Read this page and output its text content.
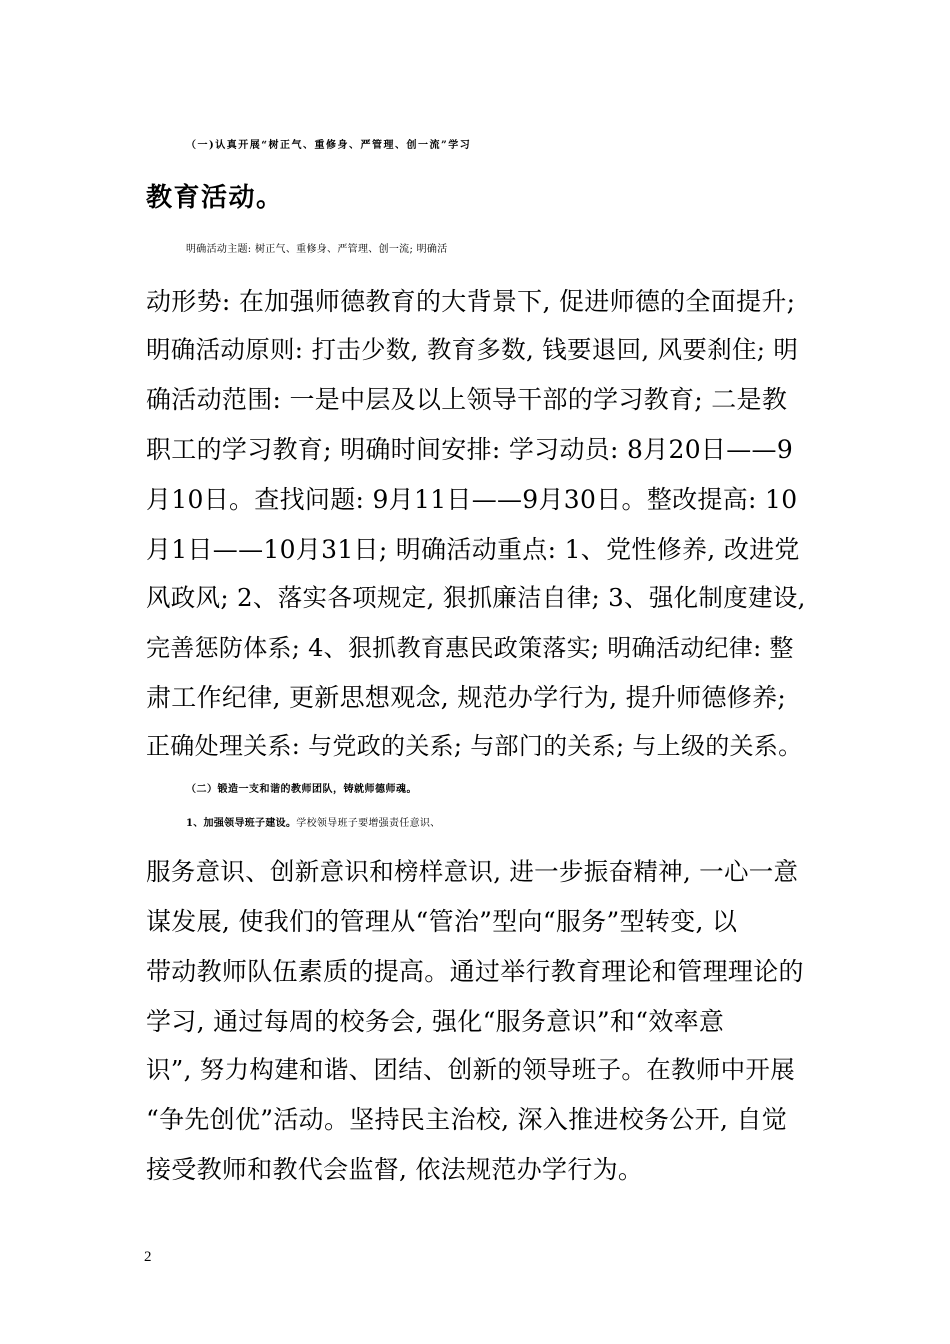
（一)认真开展“树正气、重修身、严管理、创一流”学习
教育活动。
明确活动主题: 树正气、重修身、严管理、创一流; 明确活
动形势: 在加强师德教育的大背景下, 促进师德的全面提升;
明确活动原则: 打击少数, 教育多数, 钱要退回, 风要刹住; 明
确活动范围: 一是中层及以上领导干部的学习教育; 二是教
职工的学习教育; 明确时间安排: 学习动员: 8月20日——9
月10日。查找问题: 9月11日——9月30日。整改提高: 10
月1日——10月31日; 明确活动重点: 1、党性修养, 改进党
风政风; 2、落实各项规定, 狠抓廉洁自律; 3、强化制度建设,
完善惩防体系; 4、狠抓教育惠民政策落实; 明确活动纪律: 整
肃工作纪律, 更新思想观念, 规范办学行为, 提升师德修养;
正确处理关系: 与党政的关系; 与部门的关系; 与上级的关系。
（二）锻造一支和谐的教师团队，铸就师德师魂。
1、加强领导班子建设。学校领导班子要增强责任意识、
服务意识、创新意识和榜样意识, 进一步振奋精神, 一心一意
谋发展, 使我们的管理从“管治”型向“服务”型转变, 以
带动教师队伍素质的提高。通过举行教育理论和管理理论的
学习, 通过每周的校务会, 强化“服务意识”和“效率意
识”, 努力构建和谐、团结、创新的领导班子。在教师中开展
“争先创优”活动。坚持民主治校, 深入推进校务公开, 自觉
接受教师和教代会监督, 依法规范办学行为。
2
